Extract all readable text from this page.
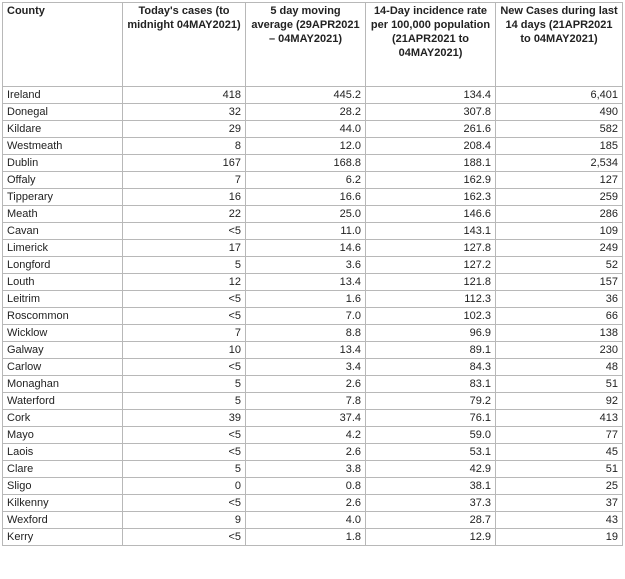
County	Today's cases (to midnight 04MAY2021)	5 day moving average (29APR2021 – 04MAY2021)	14-Day incidence rate per 100,000 population (21APR2021 to 04MAY2021)	New Cases during last 14 days (21APR2021 to 04MAY2021)
Ireland	418	445.2	134.4	6,401
Donegal	32	28.2	307.8	490
Kildare	29	44.0	261.6	582
Westmeath	8	12.0	208.4	185
Dublin	167	168.8	188.1	2,534
Offaly	7	6.2	162.9	127
Tipperary	16	16.6	162.3	259
Meath	22	25.0	146.6	286
Cavan	<5	11.0	143.1	109
Limerick	17	14.6	127.8	249
Longford	5	3.6	127.2	52
Louth	12	13.4	121.8	157
Leitrim	<5	1.6	112.3	36
Roscommon	<5	7.0	102.3	66
Wicklow	7	8.8	96.9	138
Galway	10	13.4	89.1	230
Carlow	<5	3.4	84.3	48
Monaghan	5	2.6	83.1	51
Waterford	5	7.8	79.2	92
Cork	39	37.4	76.1	413
Mayo	<5	4.2	59.0	77
Laois	<5	2.6	53.1	45
Clare	5	3.8	42.9	51
Sligo	0	0.8	38.1	25
Kilkenny	<5	2.6	37.3	37
Wexford	9	4.0	28.7	43
Kerry	<5	1.8	12.9	19
